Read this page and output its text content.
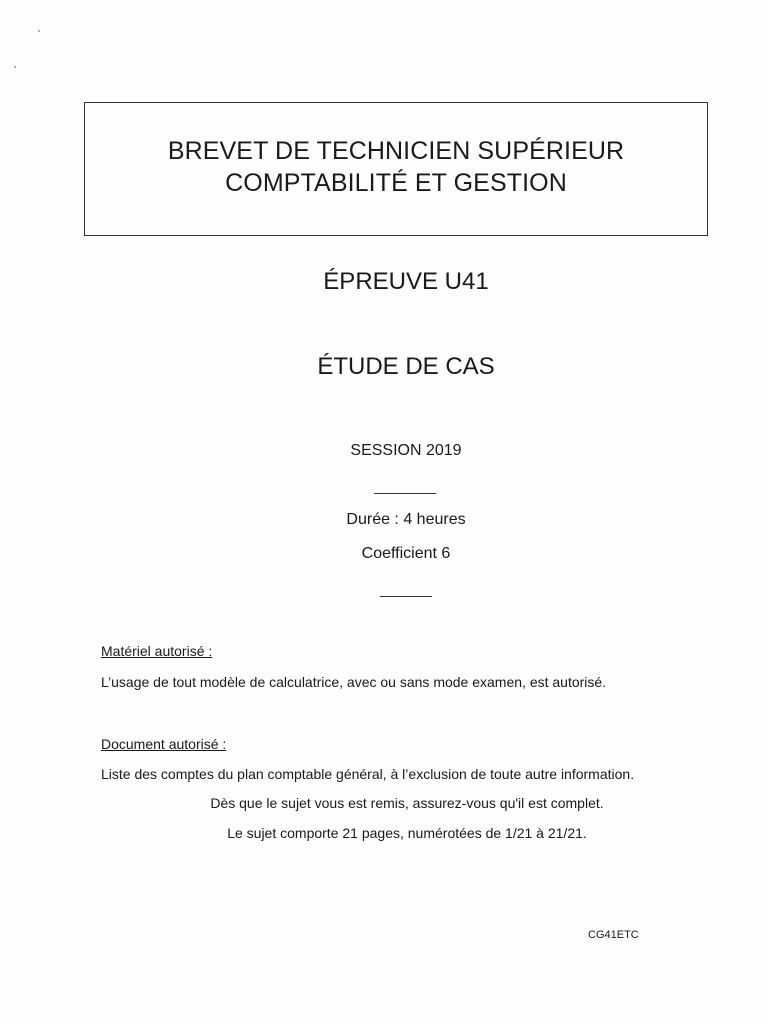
BREVET DE TECHNICIEN SUPÉRIEUR
COMPTABILITÉ ET GESTION
ÉPREUVE U41
ÉTUDE DE CAS
SESSION 2019
Durée : 4 heures
Coefficient 6
Matériel autorisé :
L’usage de tout modèle de calculatrice, avec ou sans mode examen, est autorisé.
Document autorisé :
Liste des comptes du plan comptable général, à l’exclusion de toute autre information.
Dès que le sujet vous est remis, assurez-vous qu'il est complet.
Le sujet comporte 21 pages, numérotées de 1/21 à 21/21.
CG41ETC
